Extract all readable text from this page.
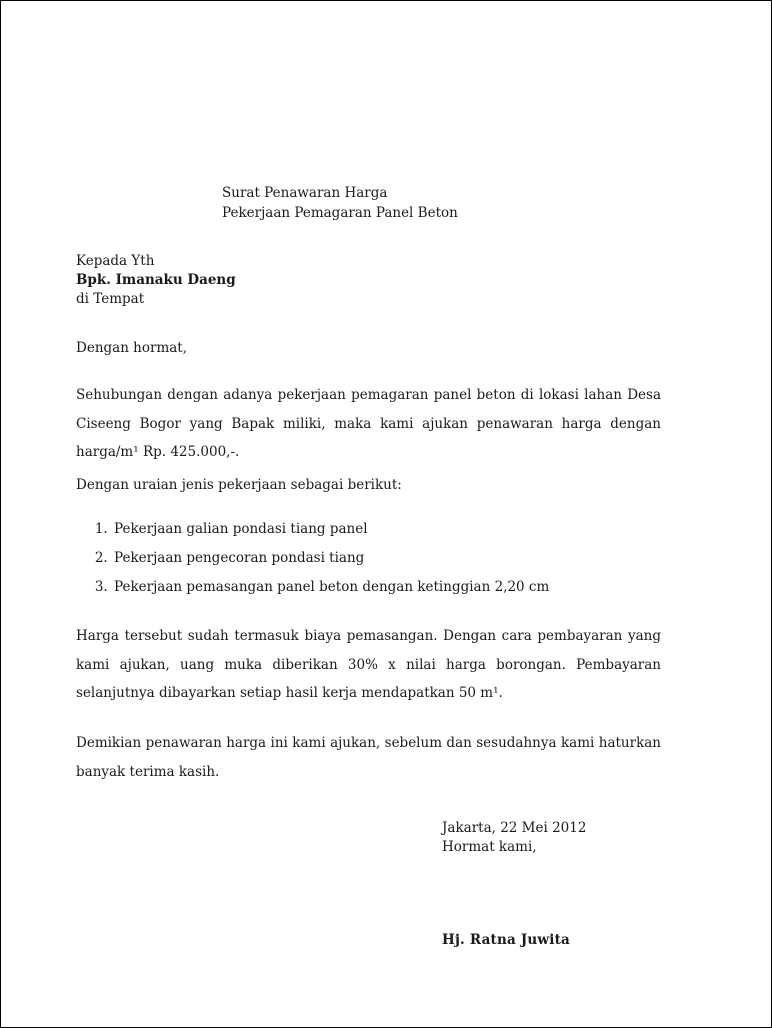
Surat Penawaran Harga
Pekerjaan Pemagaran Panel Beton
Kepada Yth
Bpk. Imanaku Daeng
di Tempat
Dengan hormat,

Sehubungan dengan adanya pekerjaan pemagaran panel beton di lokasi lahan Desa Ciseeng Bogor yang Bapak miliki, maka kami ajukan penawaran harga dengan harga/m¹ Rp. 425.000,-.

Dengan uraian jenis pekerjaan sebagai berikut:

1. Pekerjaan galian pondasi tiang panel
2. Pekerjaan pengecoran pondasi tiang
3. Pekerjaan pemasangan panel beton dengan ketinggian 2,20 cm

Harga tersebut sudah termasuk biaya pemasangan. Dengan cara pembayaran yang kami ajukan, uang muka diberikan 30% x nilai harga borongan. Pembayaran selanjutnya dibayarkan setiap hasil kerja mendapatkan 50 m¹.

Demikian penawaran harga ini kami ajukan, sebelum dan sesudahnya kami haturkan banyak terima kasih.

Jakarta, 22 Mei 2012
Hormat kami,
Hj. Ratna Juwita
